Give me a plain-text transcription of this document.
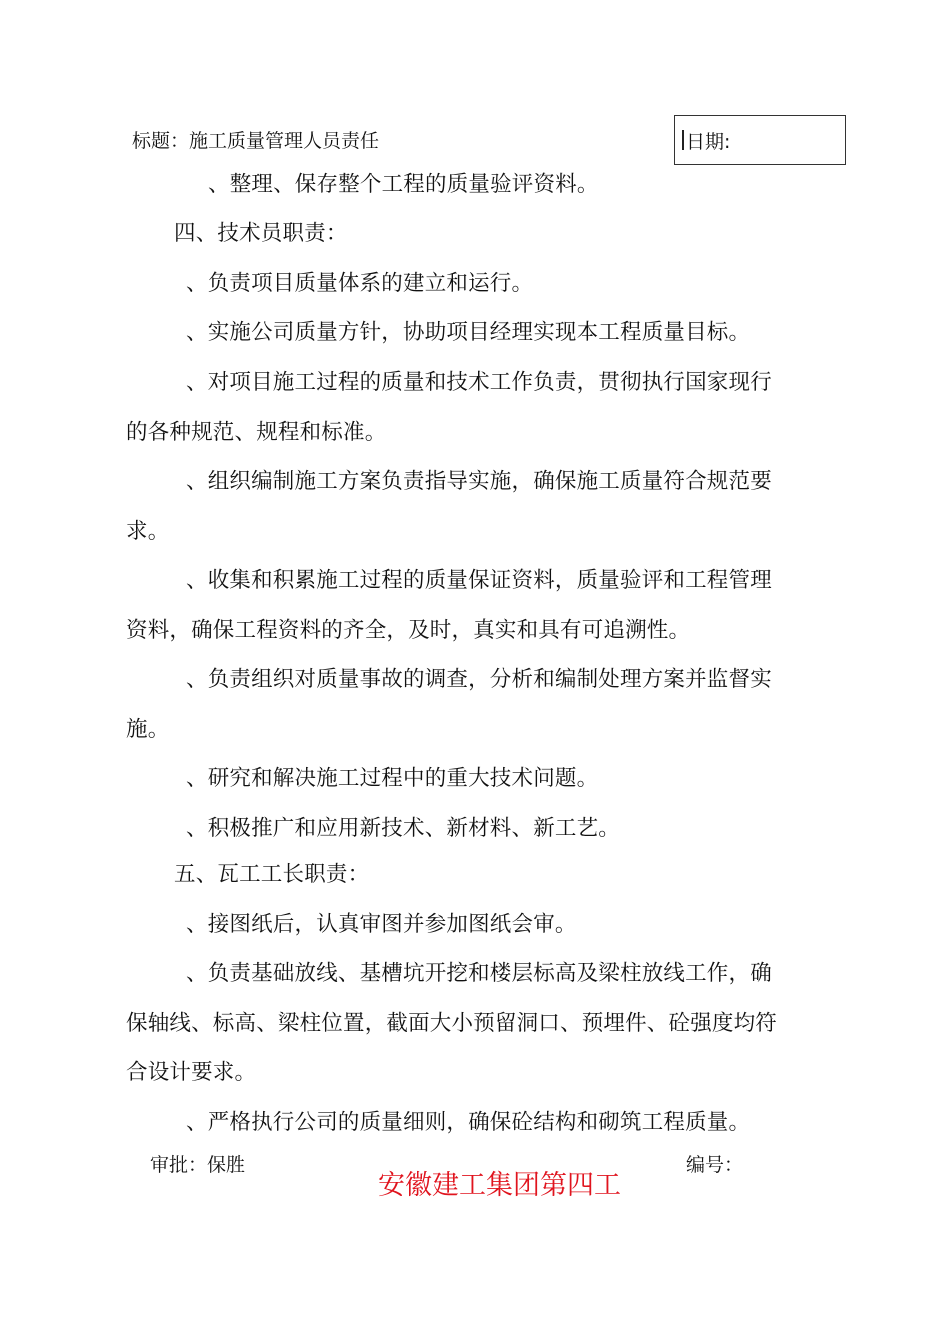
标题：施工质量管理人员责任	日期:
、整理、保存整个工程的质量验评资料。
四、技术员职责：
、负责项目质量体系的建立和运行。
、实施公司质量方针，协助项目经理实现本工程质量目标。
、对项目施工过程的质量和技术工作负责，贯彻执行国家现行
的各种规范、规程和标准。
、组织编制施工方案负责指导实施，确保施工质量符合规范要
求。
、收集和积累施工过程的质量保证资料，质量验评和工程管理
资料，确保工程资料的齐全，及时，真实和具有可追溯性。
、负责组织对质量事故的调查，分析和编制处理方案并监督实
施。
、研究和解决施工过程中的重大技术问题。
、积极推广和应用新技术、新材料、新工艺。
五、瓦工工长职责：
、接图纸后，认真审图并参加图纸会审。
、负责基础放线、基槽坑开挖和楼层标高及梁柱放线工作，确
保轴线、标高、梁柱位置，截面大小预留洞口、预埋件、砼强度均符
合设计要求。
、严格执行公司的质量细则，确保砼结构和砌筑工程质量。
审批：保胜	编号：
安徽建工集团第四工
